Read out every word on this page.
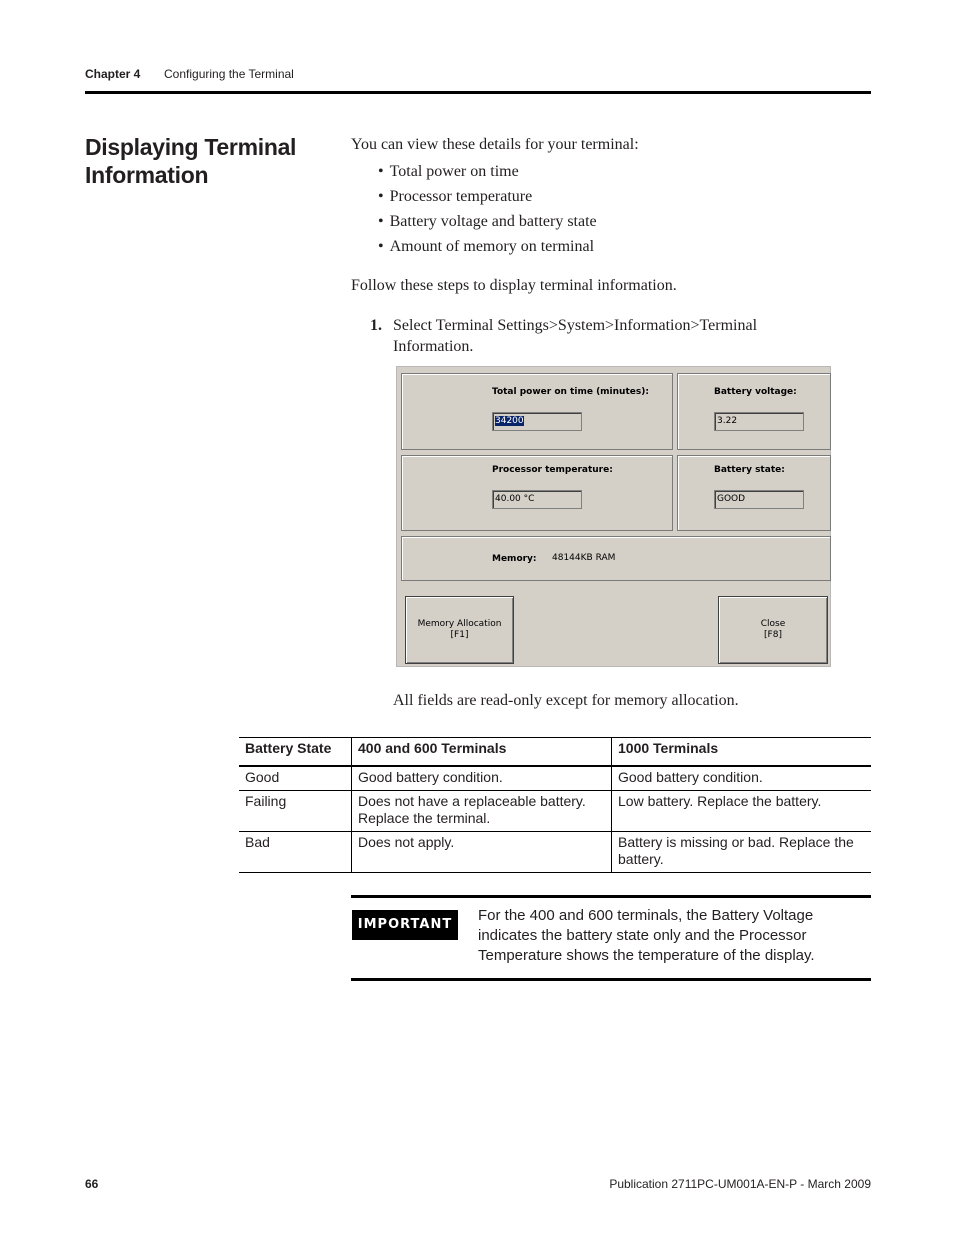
Chapter 4 Configuring the Terminal
Displaying Terminal Information
You can view these details for your terminal:
• Total power on time
• Processor temperature
• Battery voltage and battery state
• Amount of memory on terminal
Follow these steps to display terminal information.
1. Select Terminal Settings>System>Information>Terminal Information.
Total power on time (minutes):
34200
Battery voltage:
3.22
Processor temperature:
40.00 °C
Battery state:
GOOD
Memory: 48144KB RAM
Memory Allocation
[F1]
Close
[F8]
All fields are read-only except for memory allocation.
Battery State	400 and 600 Terminals	1000 Terminals
Good	Good battery condition.	Good battery condition.
Failing	Does not have a replaceable battery. Replace the terminal.	Low battery. Replace the battery.
Bad	Does not apply.	Battery is missing or bad. Replace the battery.
IMPORTANT
For the 400 and 600 terminals, the Battery Voltage indicates the battery state only and the Processor Temperature shows the temperature of the display.
66	Publication 2711PC-UM001A-EN-P - March 2009
